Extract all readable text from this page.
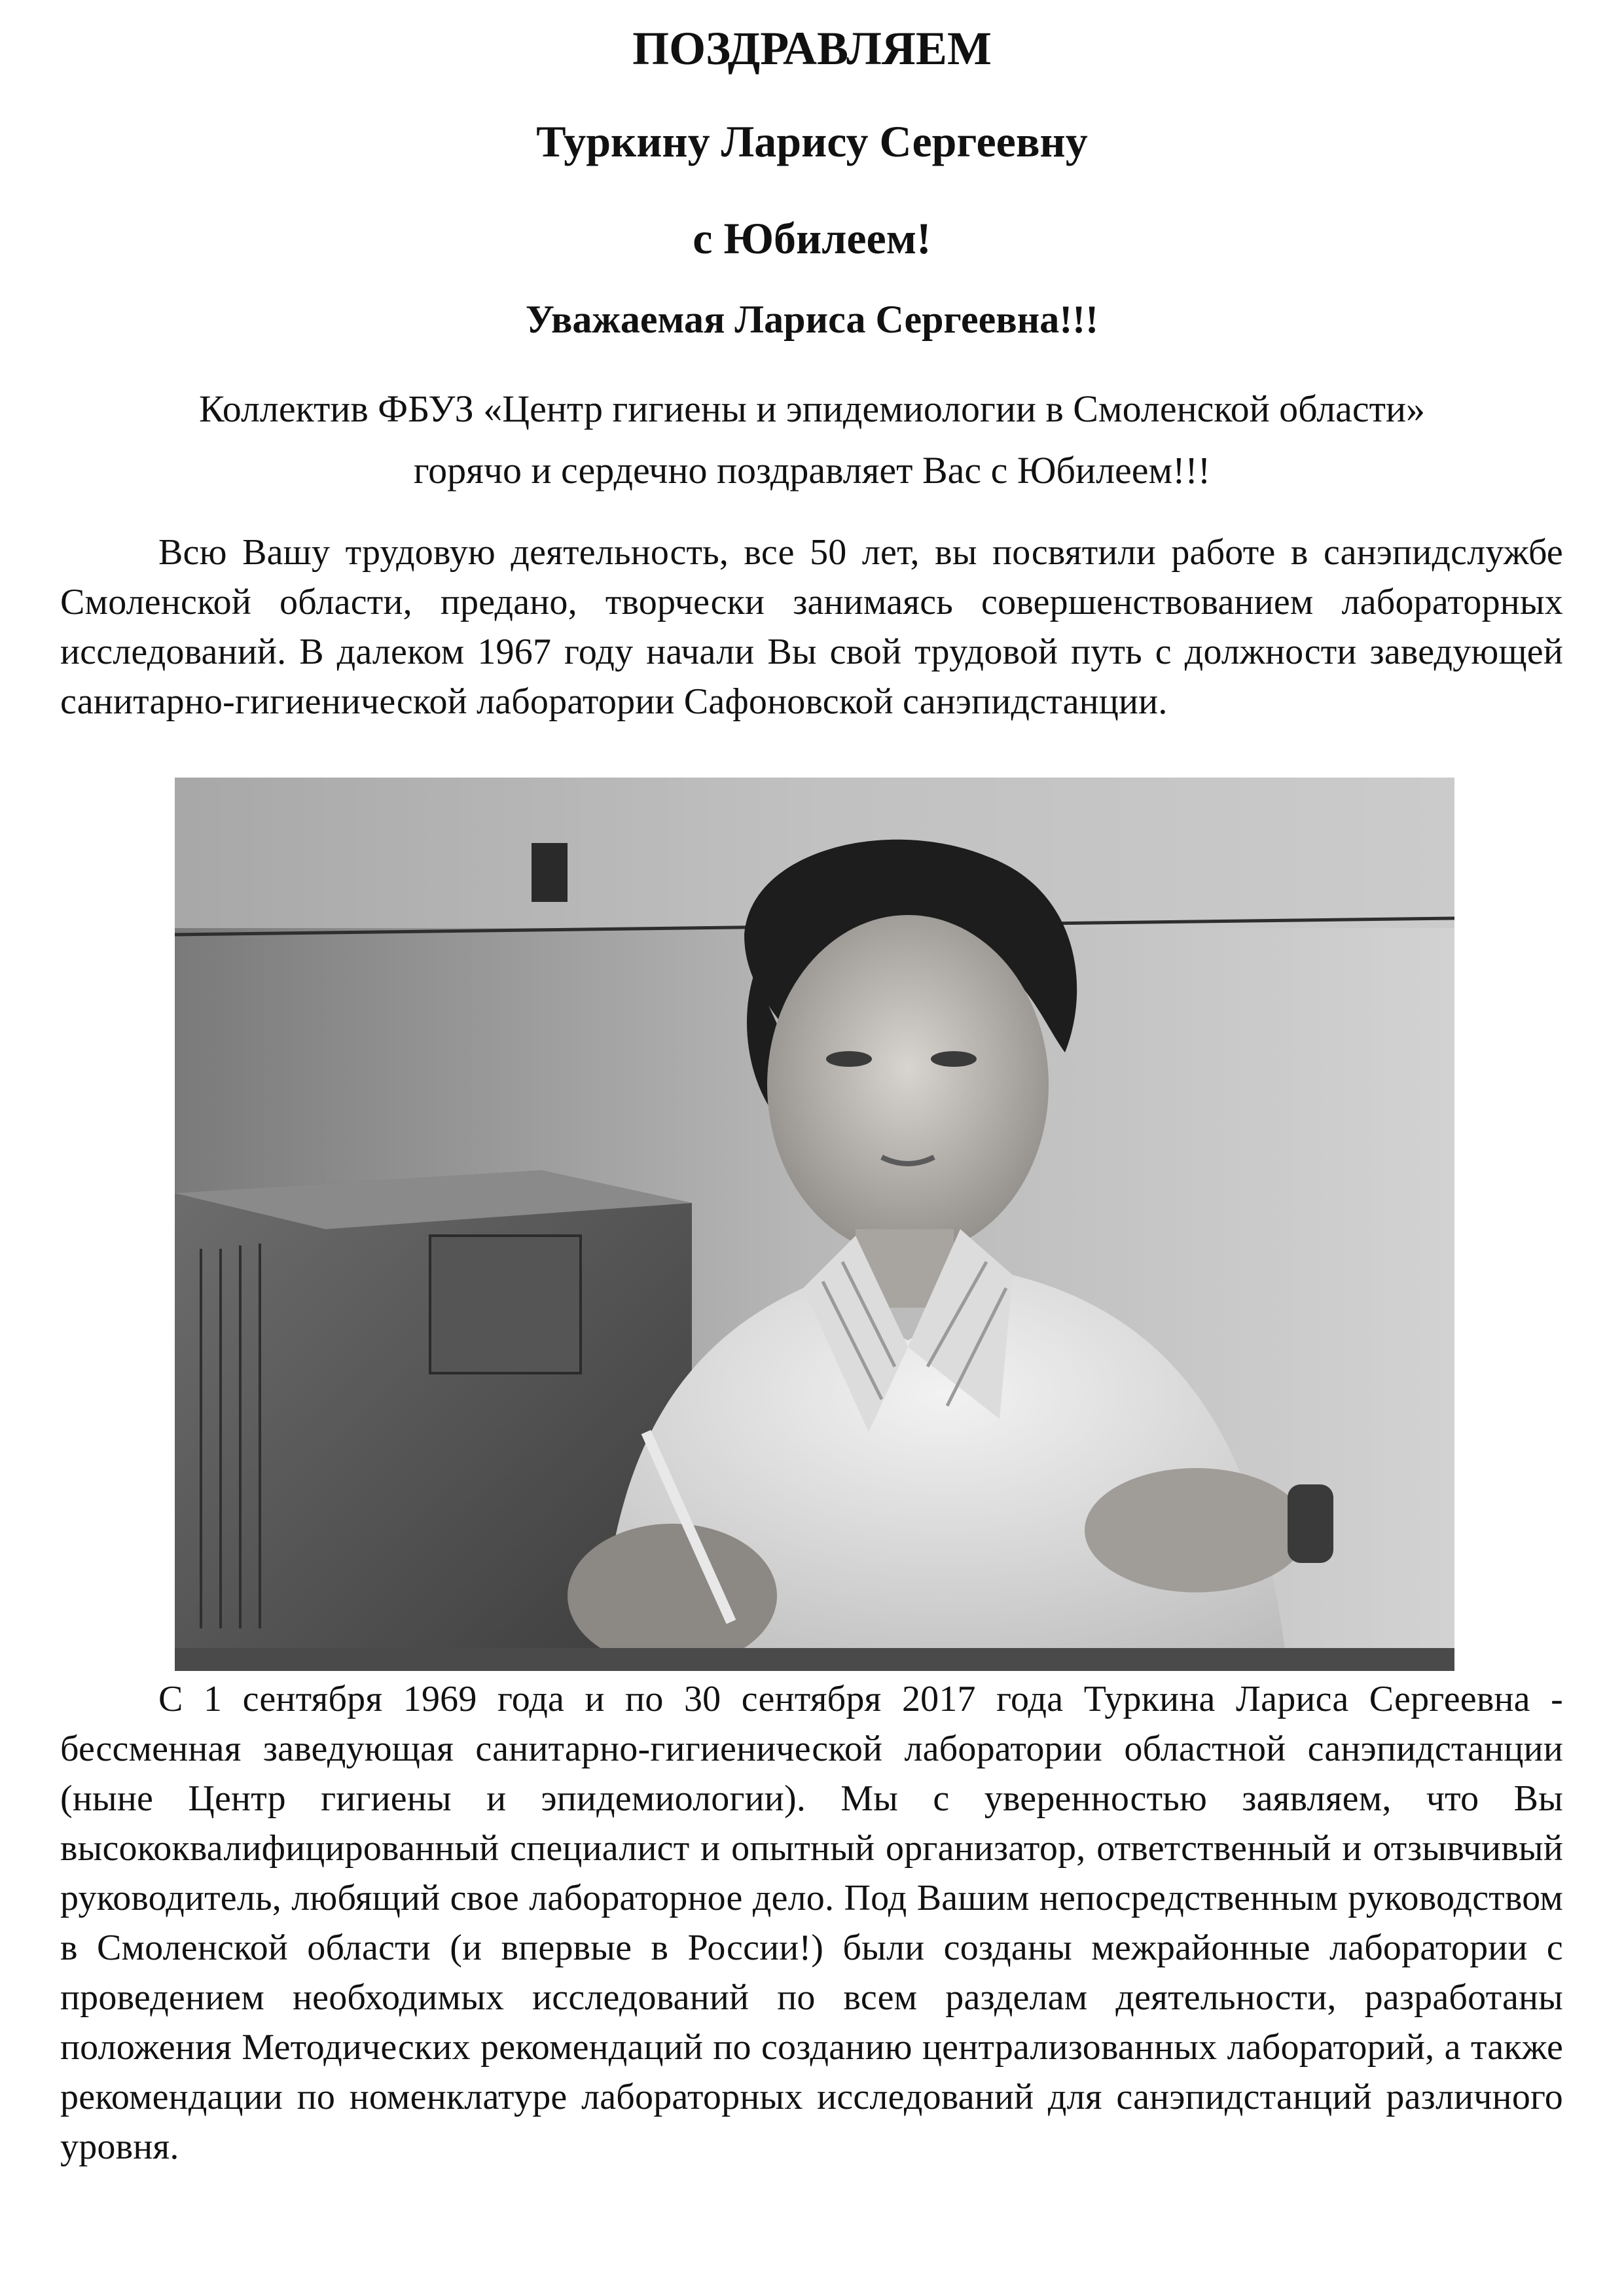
ПОЗДРАВЛЯЕМ
Туркину Ларису Сергеевну
с Юбилеем!
Уважаемая Лариса Сергеевна!!!
Коллектив ФБУЗ «Центр гигиены и эпидемиологии в Смоленской области»
горячо и сердечно поздравляет Вас с Юбилеем!!!

Всю Вашу трудовую деятельность, все 50 лет, вы посвятили работе в санэпидслужбе Смоленской области, предано, творчески занимаясь совершенствованием лабораторных исследований. В далеком 1967 году начали Вы свой трудовой путь с должности заведующей санитарно-гигиенической лаборатории Сафоновской санэпидстанции.

С 1 сентября 1969 года и по 30 сентября 2017 года Туркина Лариса Сергеевна - бессменная заведующая санитарно-гигиенической лаборатории областной санэпидстанции (ныне Центр гигиены и эпидемиологии). Мы с уверенностью заявляем, что Вы высококвалифицированный специалист и опытный организатор, ответственный и отзывчивый руководитель, любящий свое лабораторное дело. Под Вашим непосредственным руководством в Смоленской области (и впервые в России!) были созданы межрайонные лаборатории с проведением необходимых исследований по всем разделам деятельности, разработаны положения Методических рекомендаций по созданию централизованных лабораторий, а также рекомендации по номенклатуре лабораторных исследований для санэпидстанций различного уровня.
